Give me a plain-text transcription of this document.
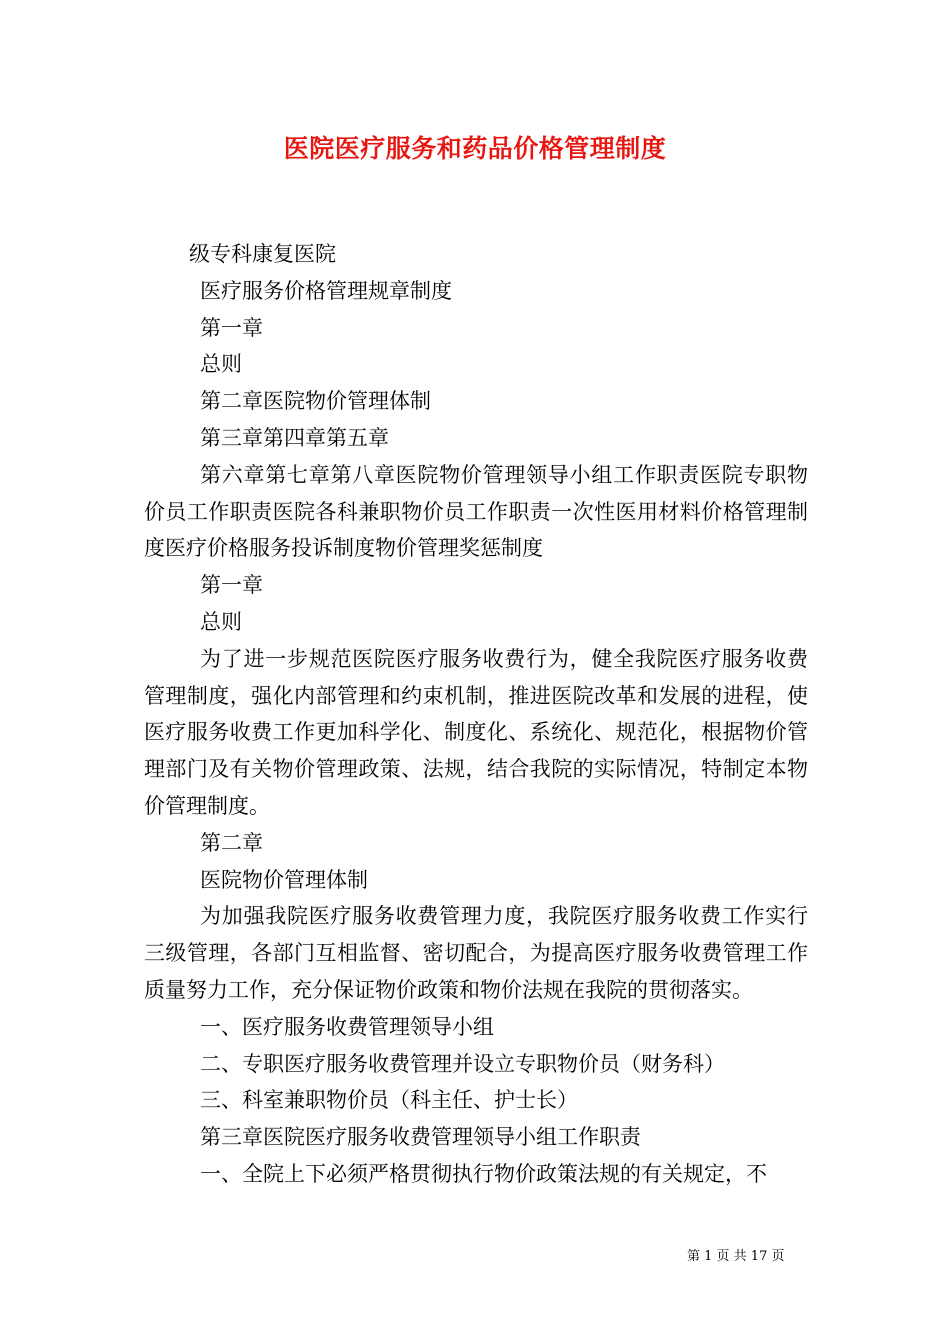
医院医疗服务和药品价格管理制度

级专科康复医院

医疗服务价格管理规章制度

第一章

总则

第二章医院物价管理体制

第三章第四章第五章

第六章第七章第八章医院物价管理领导小组工作职责医院专职物价员工作职责医院各科兼职物价员工作职责一次性医用材料价格管理制度医疗价格服务投诉制度物价管理奖惩制度

第一章

总则

为了进一步规范医院医疗服务收费行为，健全我院医疗服务收费管理制度，强化内部管理和约束机制，推进医院改革和发展的进程，使医疗服务收费工作更加科学化、制度化、系统化、规范化，根据物价管理部门及有关物价管理政策、法规，结合我院的实际情况，特制定本物价管理制度。

第二章

医院物价管理体制

为加强我院医疗服务收费管理力度，我院医疗服务收费工作实行三级管理，各部门互相监督、密切配合，为提高医疗服务收费管理工作质量努力工作，充分保证物价政策和物价法规在我院的贯彻落实。

一、医疗服务收费管理领导小组

二、专职医疗服务收费管理并设立专职物价员（财务科）

三、科室兼职物价员（科主任、护士长）

第三章医院医疗服务收费管理领导小组工作职责

一、全院上下必须严格贯彻执行物价政策法规的有关规定，不

第 1 页 共 17 页
